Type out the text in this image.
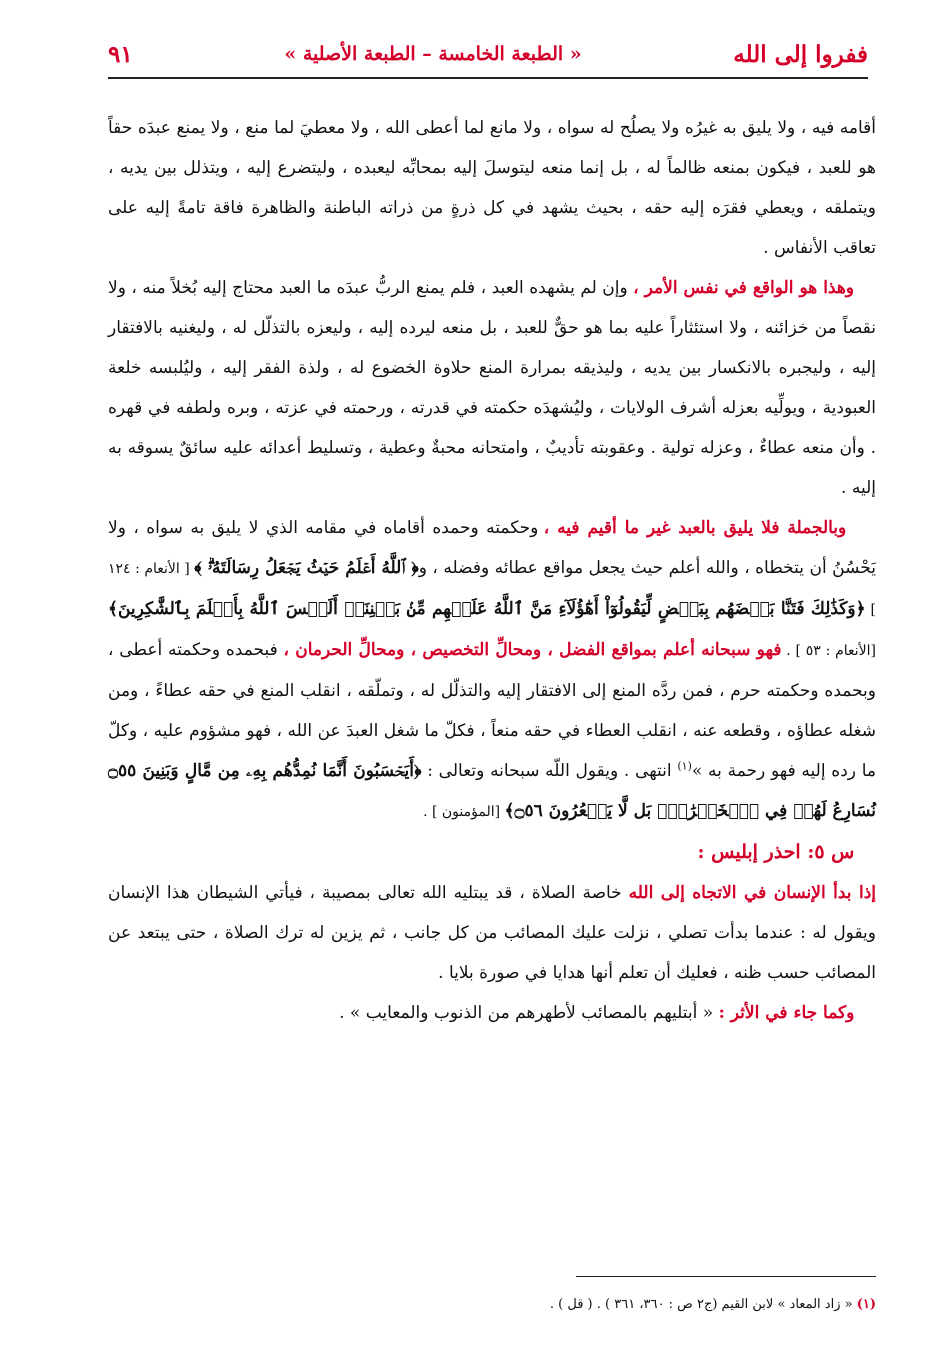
ففروا إلى الله
« الطبعة الخامسة – الطبعة الأصلية »
٩١

أقامه فيه ، ولا يليق به غيرُه ولا يصلُح له سواه ، ولا مانع لما أعطى الله ، ولا معطيَ لما منع ، ولا يمنع عبدَه حقاً هو للعبد ، فيكون بمنعه ظالماً له ، بل إنما منعه ليتوسلَ إليه بمحابِّه ليعبده ، وليتضرع إليه ، ويتذلل بين يديه ، ويتملقه ، ويعطي فقرَه إليه حقه ، بحيث يشهد في كل ذرةٍ من ذراته الباطنة والظاهرة فاقة تامةً إليه على تعاقب الأنفاس .

وهذا هو الواقع في نفس الأمر ، وإن لم يشهده العبد ، فلم يمنع الربُّ عبدَه ما العبد محتاج إليه بُخلاً منه ، ولا نقصاً من خزائنه ، ولا استئثاراً عليه بما هو حقٌّ للعبد ، بل منعه ليرده إليه ، وليعزه بالتذلّل له ، وليغنيه بالافتقار إليه ، وليجبره بالانكسار بين يديه ، وليذيقه بمرارة المنع حلاوة الخضوع له ، ولذة الفقر إليه ، وليُلبسه خلعة العبودية ، ويولِّيه بعزله أشرف الولايات ، وليُشهدَه حكمته في قدرته ، ورحمته في عزته ، وبره ولطفه في قهره . وأن منعه عطاءٌ ، وعزله تولية . وعقوبته تأديبٌ ، وامتحانه محبةٌ وعطية ، وتسليط أعدائه عليه سائقٌ يسوقه به إليه .

وبالجملة فلا يليق بالعبد غير ما أقيم فيه ، وحكمته وحمده أقاماه في مقامه الذي لا يليق به سواه ، ولا يَحْسُنُ أن يتخطاه ، والله أعلم حيث يجعل مواقع عطائه وفضله ، و﴿ ٱللَّهُ أَعۡلَمُ حَيۡثُ يَجۡعَلُ رِسَالَتَهُۥۗ ﴾ [ الأنعام : ١٢٤ ] ﴿وَكَذَٰلِكَ فَتَنَّا بَعۡضَهُم بِبَعۡضٍ لِّيَقُولُوٓاْ أَهَٰٓؤُلَآءِ مَنَّ ٱللَّهُ عَلَيۡهِم مِّنۢ بَيۡنِنَآۗ أَلَيۡسَ ٱللَّهُ بِأَعۡلَمَ بِٱلشَّٰكِرِينَ﴾ [الأنعام : ٥٣ ] . فهو سبحانه أعلم بمواقع الفضل ، ومحالِّ التخصيص ، ومحالِّ الحرمان ، فبحمده وحكمته أعطى ، وبحمده وحكمته حرم ، فمن ردَّه المنع إلى الافتقار إليه والتذلّل له ، وتملّقه ، انقلب المنع في حقه عطاءً ، ومن شغله عطاؤه ، وقطعه عنه ، انقلب العطاء في حقه منعاً ، فكلّ ما شغل العبدَ عن الله ، فهو مشؤوم عليه ، وكلّ ما رده إليه فهو رحمة به »$^{(١)}$ انتهى . ويقول اللّه سبحانه وتعالى : ﴿أَيَحۡسَبُونَ أَنَّمَا نُمِدُّهُم بِهِۦ مِن مَّالٍ وَبَنِينَ ۝٥٥ نُسَارِعُ لَهُمۡ فِي ٱلۡخَيۡرَٰتِۚ بَل لَّا يَشۡعُرُونَ ۝٥٦﴾ [المؤمنون ] .

س ٥: احذر إبليس :

إذا بدأ الإنسان في الاتجاه إلى الله خاصة الصلاة ، قد يبتليه الله تعالى بمصيبة ، فيأتي الشيطان هذا الإنسان ويقول له : عندما بدأت تصلي ، نزلت عليك المصائب من كل جانب ، ثم يزين له ترك الصلاة ، حتى يبتعد عن المصائب حسب ظنه ، فعليك أن تعلم أنها هدايا في صورة بلايا .

وكما جاء في الأثر : « أبتليهم بالمصائب لأطهرهم من الذنوب والمعايب » .

(١) « زاد المعاد » لابن القيم (ج٢ ص : ٣٦٠، ٣٦١ ) . ( قل ) .
